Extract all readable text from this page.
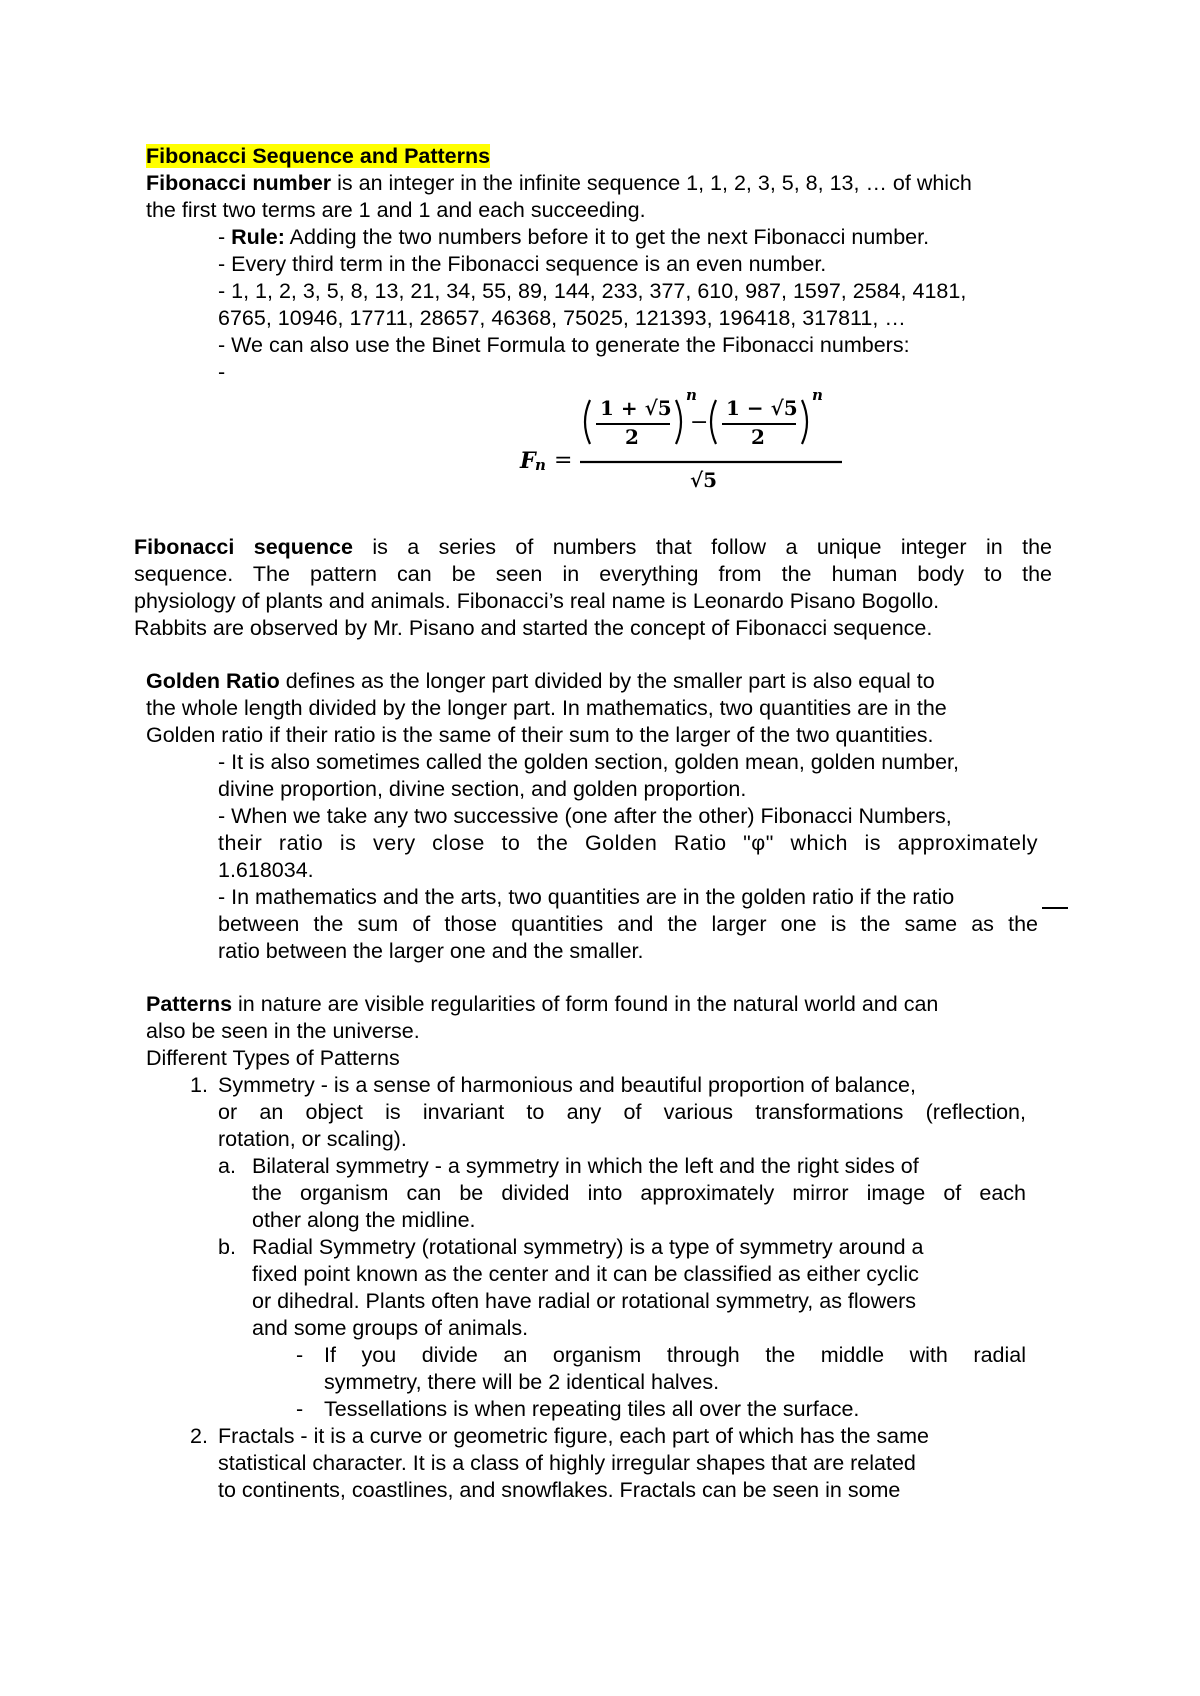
Fibonacci Sequence and Patterns
Fibonacci number is an integer in the infinite sequence 1, 1, 2, 3, 5, 8, 13, … of which
the first two terms are 1 and 1 and each succeeding.
- Rule: Adding the two numbers before it to get the next Fibonacci number.
- Every third term in the Fibonacci sequence is an even number.
- 1, 1, 2, 3, 5, 8, 13, 21, 34, 55, 89, 144, 233, 377, 610, 987, 1597, 2584, 4181,
6765, 10946, 17711, 28657, 46368, 75025, 121393, 196418, 317811, …
- We can also use the Binet Formula to generate the Fibonacci numbers:
-
F n =
1 + √5
2
n
−
1 − √5
2
n
√5
Fibonacci sequence is a series of numbers that follow a unique integer in the
sequence. The pattern can be seen in everything from the human body to the
physiology of plants and animals. Fibonacci’s real name is Leonardo Pisano Bogollo.
Rabbits are observed by Mr. Pisano and started the concept of Fibonacci sequence.
Golden Ratio defines as the longer part divided by the smaller part is also equal to
the whole length divided by the longer part. In mathematics, two quantities are in the
Golden ratio if their ratio is the same of their sum to the larger of the two quantities.
- It is also sometimes called the golden section, golden mean, golden number,
divine proportion, divine section, and golden proportion.
- When we take any two successive (one after the other) Fibonacci Numbers,
their ratio is very close to the Golden Ratio "φ" which is approximately
1.618034.
- In mathematics and the arts, two quantities are in the golden ratio if the ratio
between the sum of those quantities and the larger one is the same as the
ratio between the larger one and the smaller.
Patterns in nature are visible regularities of form found in the natural world and can
also be seen in the universe.
Different Types of Patterns
1. Symmetry - is a sense of harmonious and beautiful proportion of balance,
or an object is invariant to any of various transformations (reflection,
rotation, or scaling).
a. Bilateral symmetry - a symmetry in which the left and the right sides of
the organism can be divided into approximately mirror image of each
other along the midline.
b. Radial Symmetry (rotational symmetry) is a type of symmetry around a
fixed point known as the center and it can be classified as either cyclic
or dihedral. Plants often have radial or rotational symmetry, as flowers
and some groups of animals.
- If you divide an organism through the middle with radial
symmetry, there will be 2 identical halves.
- Tessellations is when repeating tiles all over the surface.
2. Fractals - it is a curve or geometric figure, each part of which has the same
statistical character. It is a class of highly irregular shapes that are related
to continents, coastlines, and snowflakes. Fractals can be seen in some
